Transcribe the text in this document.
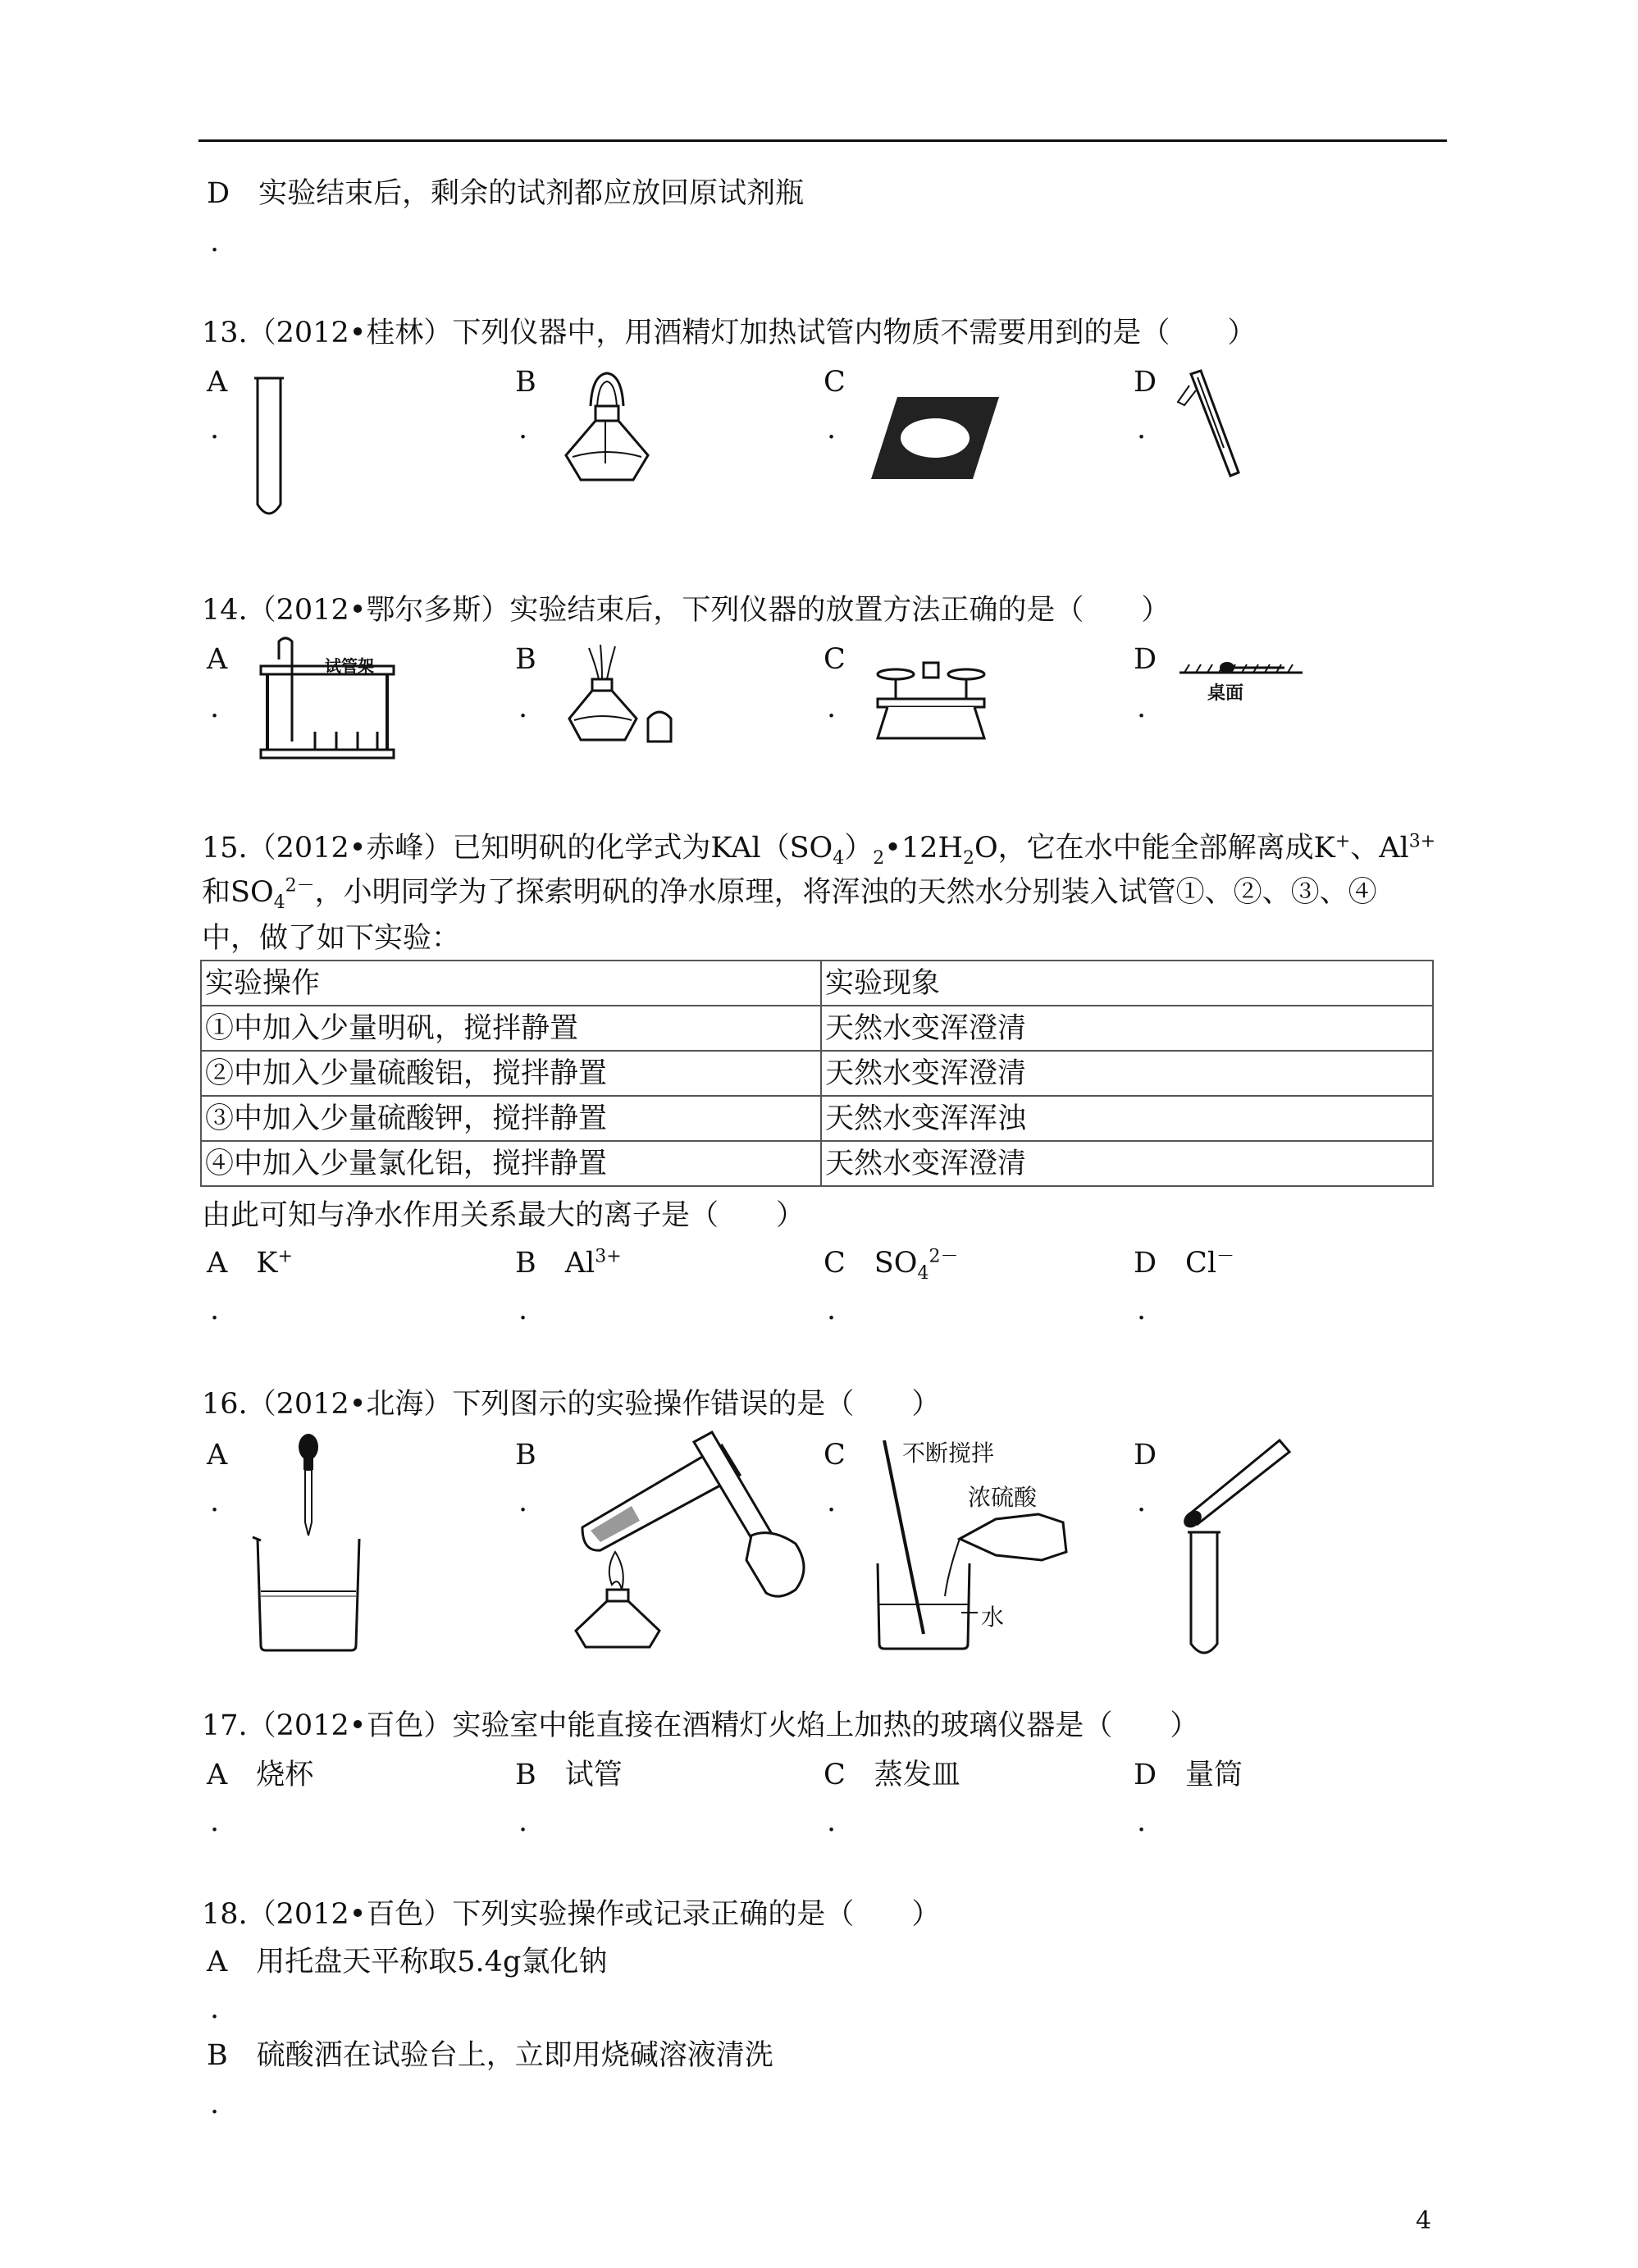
D　 实验结束后，剩余的试剂都应放回原试剂瓶
.
13.（2012•桂林）下列仪器中，用酒精灯加热试管内物质不需要用到的是（　　）
A	B	C	D
.	.	.	.
14.（2012•鄂尔多斯）实验结束后，下列仪器的放置方法正确的是（　　）
A	B	C	D
.	.	.	.
试管架
桌面
15.（2012•赤峰）已知明矾的化学式为$KAl(SO_4)_2•12H_2O$，它在水中能全部解离成K+、$Al^{3+}$
和$SO_4^{2-}$，小明同学为了探索明矾的净水原理，将浑浊的天然水分别装入试管①、②、③、④
中，做了如下实验：
实验操作	实验现象
①中加入少量明矾，搅拌静置	天然水变浑澄清
②中加入少量硫酸铝，搅拌静置	天然水变浑澄清
③中加入少量硫酸钾，搅拌静置	天然水变浑浑浊
④中加入少量氯化铝，搅拌静置	天然水变浑澄清
由此可知与净水作用关系最大的离子是（　　）
A　K+	B　$Al^{3+}$	C　$SO_4^{2-}$	D　Cl－
.	.	.	.
16.（2012•北海）下列图示的实验操作错误的是（　　）
A	B	C	D
.	.	.	.
不断搅拌
浓硫酸
水
17.（2012•百色）实验室中能直接在酒精灯火焰上加热的玻璃仪器是（　　）
A　烧杯	B　试管	C　蒸发皿	D　量筒
.	.	.	.
18.（2012•百色）下列实验操作或记录正确的是（　　）
A　用托盘天平称取5.4g氯化钠
.
B　硫酸洒在试验台上，立即用烧碱溶液清洗
.
4
